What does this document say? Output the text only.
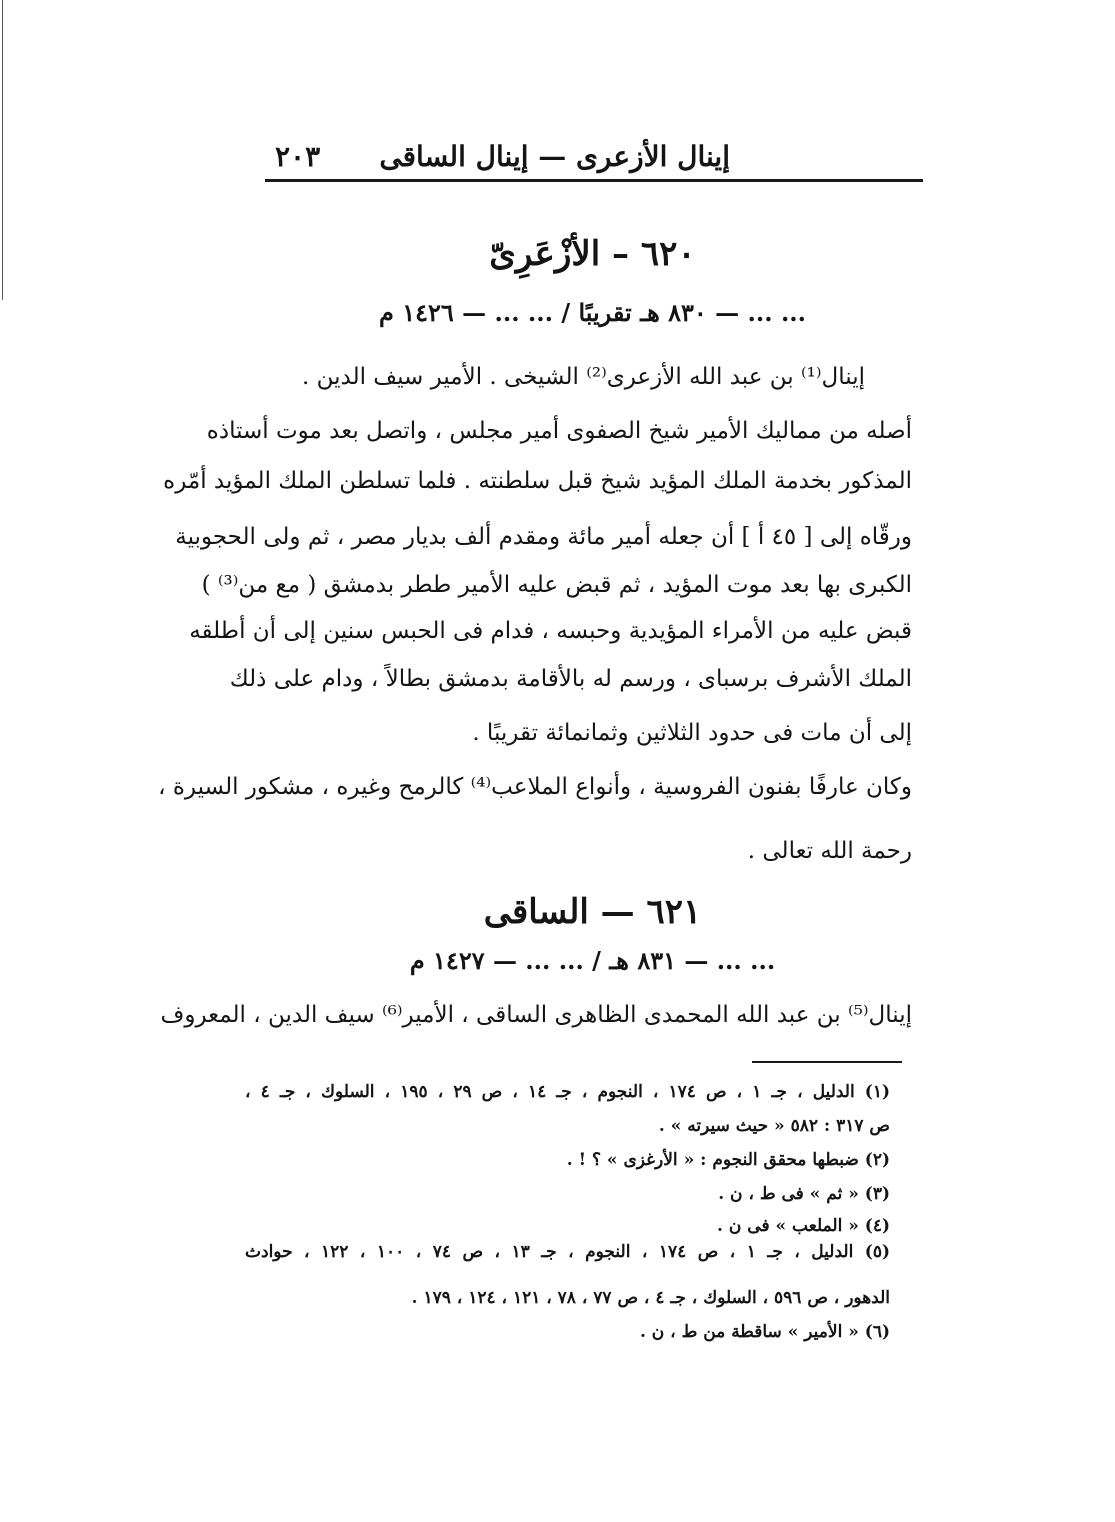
إينال الأزعرى — إينال الساقى
٢٠٣
٦٢٠ – الأزْعَرِىّ
... ... — ٨٣٠ هـ تقريبًا / ... ... — ١٤٢٦ م
إينال⁽¹⁾ بن عبد الله الأزعرى⁽²⁾ الشيخى . الأمير سيف الدين .
أصله من مماليك الأمير شيخ الصفوى أمير مجلس ، واتصل بعد موت أستاذه
المذكور بخدمة الملك المؤيد شيخ قبل سلطنته . فلما تسلطن الملك المؤيد أمّره
ورقّاه إلى [ ٤٥ أ ] أن جعله أمير مائة ومقدم ألف بديار مصر ، ثم ولى الحجوبية
الكبرى بها بعد موت المؤيد ، ثم قبض عليه الأمير ططر بدمشق ( مع من⁽³⁾ )
قبض عليه من الأمراء المؤيدية وحبسه ، فدام فى الحبس سنين إلى أن أطلقه
الملك الأشرف برسباى ، ورسم له بالأقامة بدمشق بطالاً ، ودام على ذلك
إلى أن مات فى حدود الثلاثين وثمانمائة تقريبًا .
وكان عارفًا بفنون الفروسية ، وأنواع الملاعب⁽⁴⁾ كالرمح وغيره ، مشكور السيرة ،
رحمة الله تعالى .
٦٢١ — الساقى
... ... — ٨٣١ هـ / ... ... — ١٤٢٧ م
إينال⁽⁵⁾ بن عبد الله المحمدى الظاهرى الساقى ، الأمير⁽⁶⁾ سيف الدين ، المعروف
(١) الدليل ، جـ ١ ، ص ١٧٤ ، النجوم ، جـ ١٤ ، ص ٢٩ ، ١٩٥ ، السلوك ، جـ ٤ ،
ص ٣١٧ : ٥٨٢ « حيث سيرته » .
(٢) ضبطها محقق النجوم : « الأرغزى » ؟ ! .
(٣) « ثم » فى ط ، ن .
(٤) « الملعب » فى ن .
(٥) الدليل ، جـ ١ ، ص ١٧٤ ، النجوم ، جـ ١٣ ، ص ٧٤ ، ١٠٠ ، ١٢٢ ، حوادث
الدهور ، ص ٥٩٦ ، السلوك ، جـ ٤ ، ص ٧٧ ، ٧٨ ، ١٢١ ، ١٢٤ ، ١٧٩ .
(٦) « الأمير » ساقطة من ط ، ن .
